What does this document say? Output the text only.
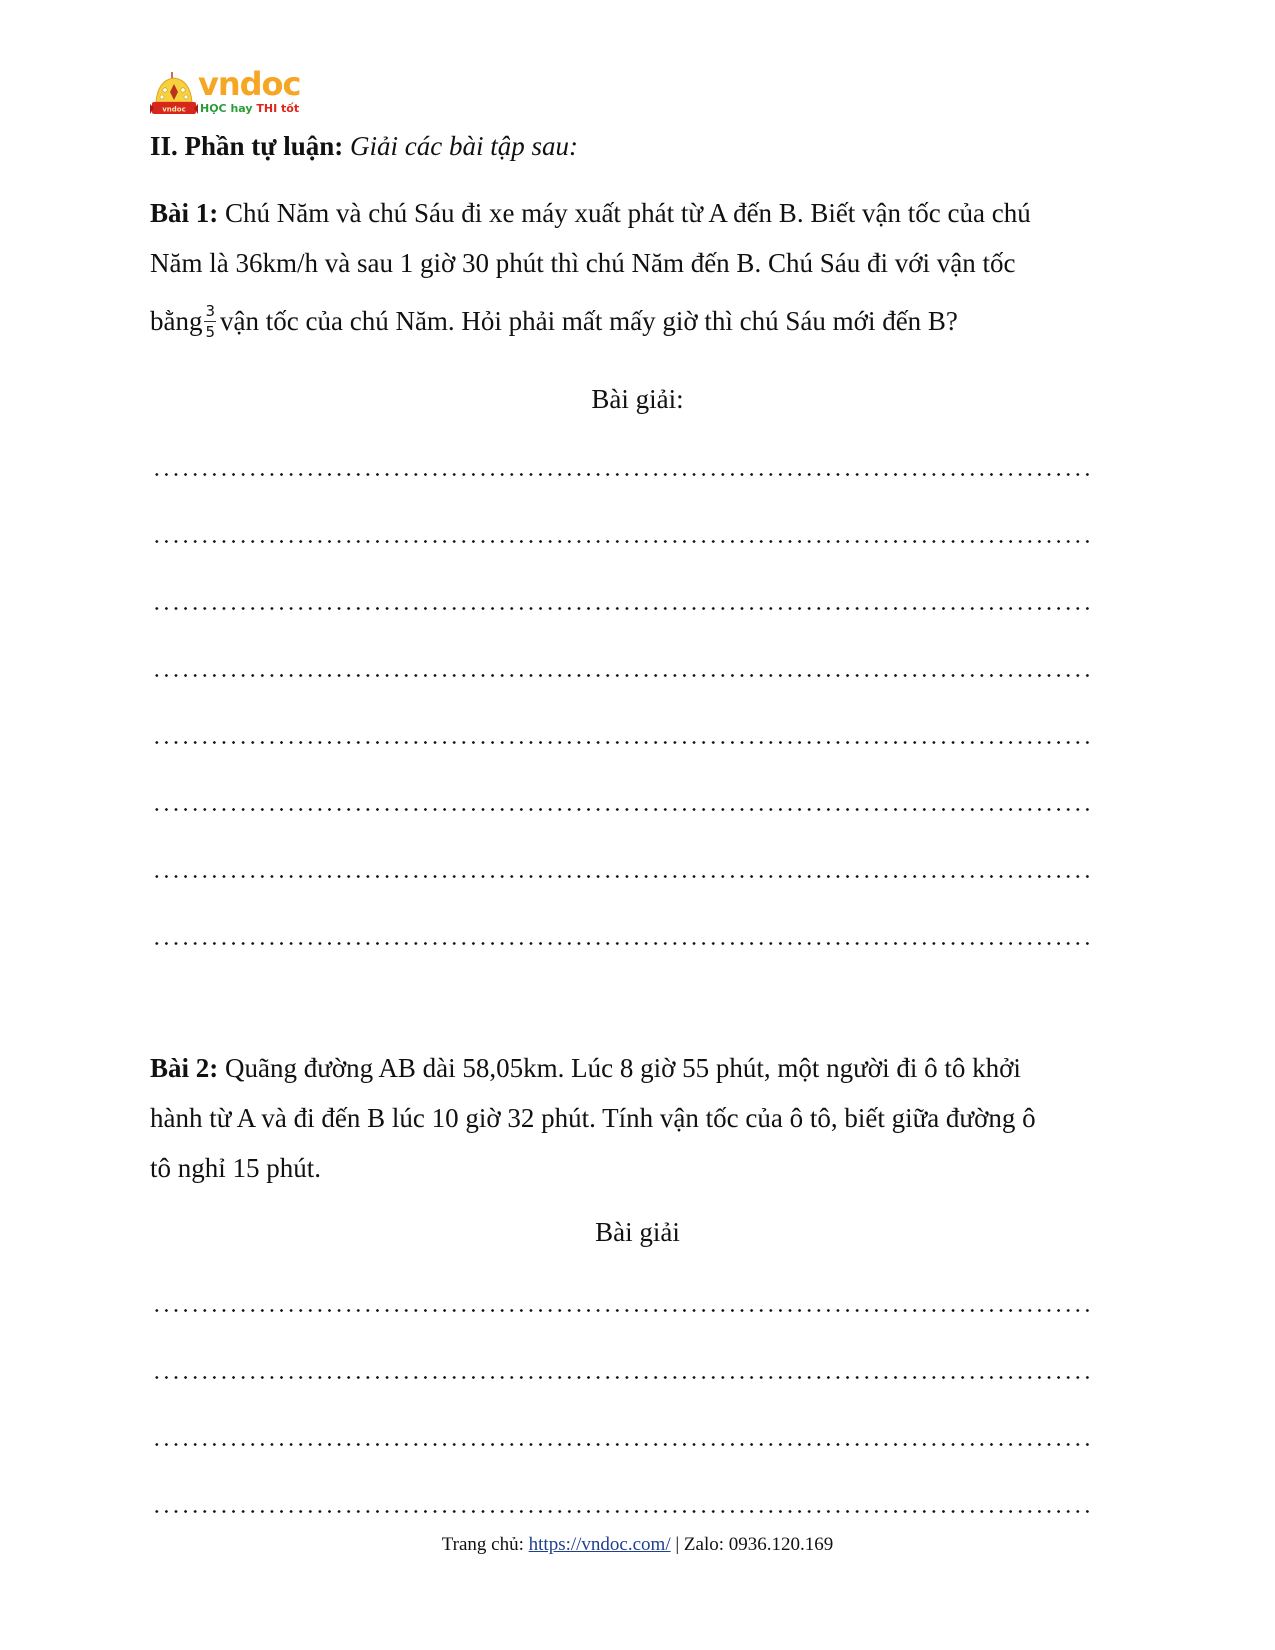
vndoc
vndoc
HỌC hay THI tốt
II. Phần tự luận: Giải các bài tập sau:
Bài 1: Chú Năm và chú Sáu đi xe máy xuất phát từ A đến B. Biết vận tốc của chú
Năm là 36km/h và sau 1 giờ 30 phút thì chú Năm đến B. Chú Sáu đi với vận tốc
bằng $\frac{3}{5}$ vận tốc của chú Năm. Hỏi phải mất mấy giờ thì chú Sáu mới đến B?
Bài giải:
Bài 2: Quãng đường AB dài 58,05km. Lúc 8 giờ 55 phút, một người đi ô tô khởi
hành từ A và đi đến B lúc 10 giờ 32 phút. Tính vận tốc của ô tô, biết giữa đường ô
tô nghỉ 15 phút.
Bài giải
Trang chủ: https://vndoc.com/ | Zalo: 0936.120.169
